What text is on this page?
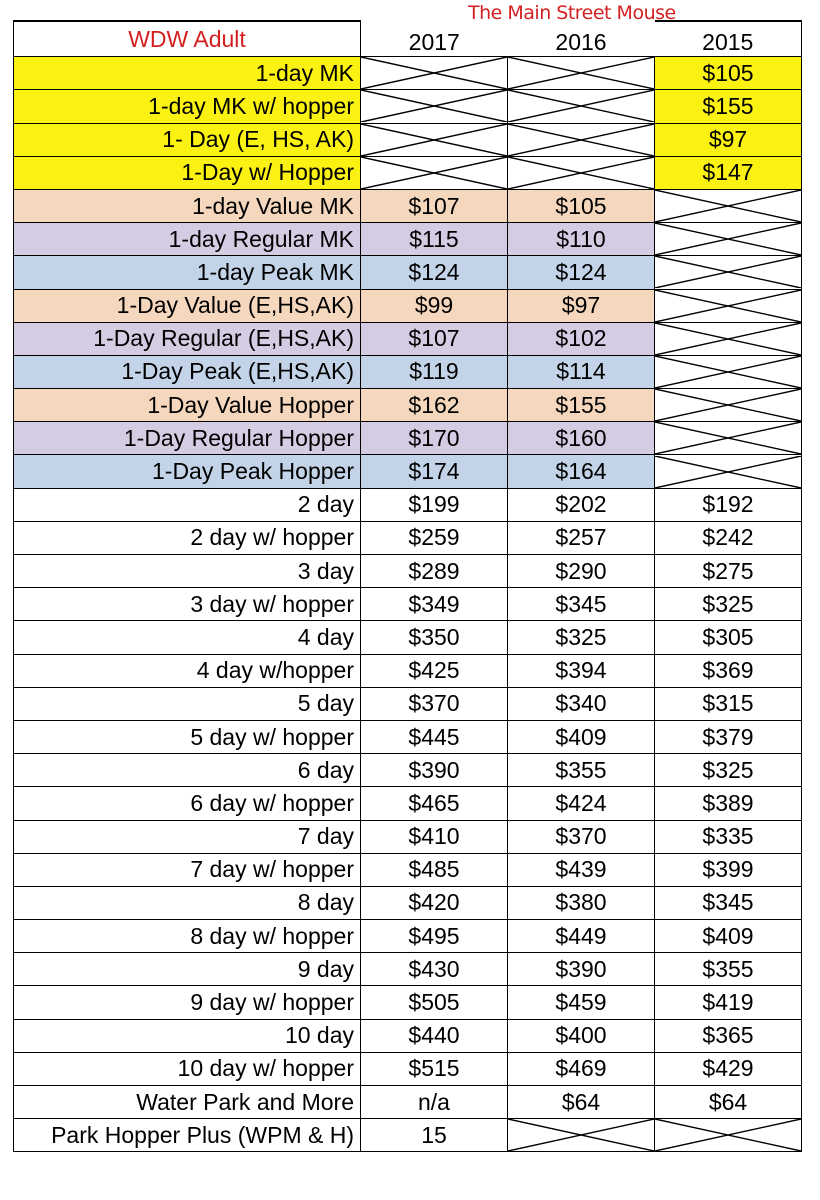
The Main Street Mouse
WDW Adult	2017	2016	2015
1-day MK			$105
1-day MK w/ hopper			$155
1- Day (E, HS, AK)			$97
1-Day w/ Hopper			$147
1-day Value MK	$107	$105	

1-day Regular MK	$115	$110	

1-day Peak MK	$124	$124	

1-Day Value (E,HS,AK)	$99	$97	

1-Day Regular (E,HS,AK)	$107	$102	

1-Day Peak (E,HS,AK)	$119	$114	

1-Day Value Hopper	$162	$155	

1-Day Regular Hopper	$170	$160	

1-Day Peak Hopper	$174	$164	

2 day	$199	$202	$192
2 day w/ hopper	$259	$257	$242
3 day	$289	$290	$275
3 day w/ hopper	$349	$345	$325
4 day	$350	$325	$305
4 day w/hopper	$425	$394	$369
5 day	$370	$340	$315
5 day w/ hopper	$445	$409	$379
6 day	$390	$355	$325
6 day w/ hopper	$465	$424	$389
7 day	$410	$370	$335
7 day w/ hopper	$485	$439	$399
8 day	$420	$380	$345
8 day w/ hopper	$495	$449	$409
9 day	$430	$390	$355
9 day w/ hopper	$505	$459	$419
10 day	$440	$400	$365
10 day w/ hopper	$515	$469	$429
Water Park and More	n/a	$64	$64
Park Hopper Plus (WPM & H)	15	
